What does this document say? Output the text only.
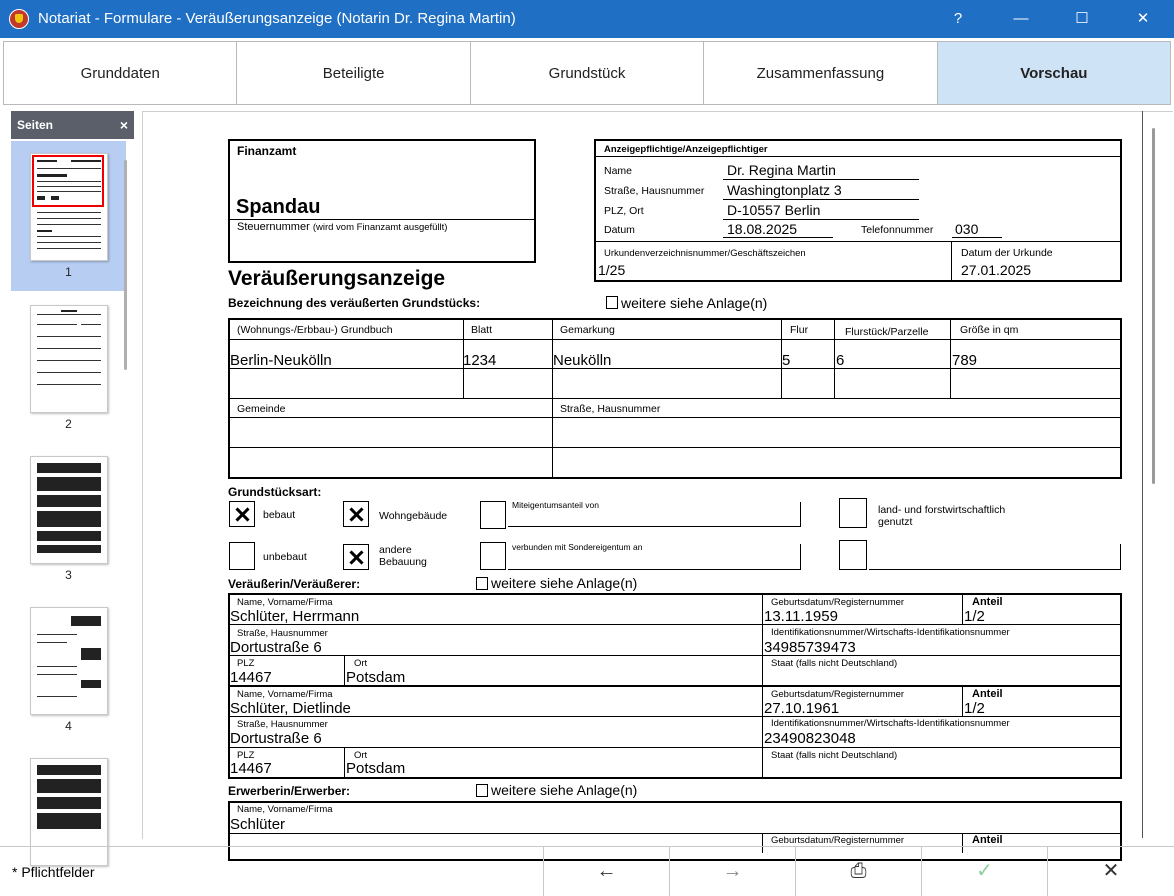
Notariat - Formulare - Veräußerungsanzeige (Notarin Dr. Regina Martin)	?	—	☐	✕
Grunddaten	Beteiligte	Grundstück	Zusammenfassung	Vorschau
Seiten	×
1
2
3
4
Finanzamt
Spandau
Steuernummer (wird vom Finanzamt ausgefüllt)
Anzeigepflichtige/Anzeigepflichtiger
Name	Dr. Regina Martin
Straße, Hausnummer Washingtonplatz 3
PLZ, Ort	D-10557 Berlin
Datum	18.08.2025	Telefonnummer 030
Urkundenverzeichnisnummer/Geschäftszeichen
1/25
Datum der Urkunde
27.01.2025
Veräußerungsanzeige
Bezeichnung des veräußerten Grundstücks:	weitere siehe Anlage(n)
(Wohnungs-/Erbbau-) Grundbuch	Blatt	Gemarkung	Flur	Flurstück/Parzelle	Größe in qm
Berlin-Neukölln	1234	Neukölln	5	6	789
Gemeinde	Straße, Hausnummer
Grundstücksart:
bebaut	Wohngebäude
Miteigentumsanteil von	land- und forstwirtschaftlich genutzt
unbebaut
andere Bebauung
verbunden mit Sondereigentum an
Veräußerin/Veräußerer:	weitere siehe Anlage(n)
Name, Vorname/Firma
Schlüter, Herrmann
Geburtsdatum/Registernummer
13.11.1959
Anteil
1/2
Straße, Hausnummer
Dortustraße 6
Identifikationsnummer/Wirtschafts-Identifikationsnummer
34985739473
PLZ
14467
Ort
Potsdam
Staat (falls nicht Deutschland)
Name, Vorname/Firma
Schlüter, Dietlinde
Geburtsdatum/Registernummer
27.10.1961
Anteil
1/2
Straße, Hausnummer
Dortustraße 6
Identifikationsnummer/Wirtschafts-Identifikationsnummer
23490823048
PLZ
14467
Ort
Potsdam
Staat (falls nicht Deutschland)
Erwerberin/Erwerber:	weitere siehe Anlage(n)
Name, Vorname/Firma
Schlüter
Geburtsdatum/Registernummer	Anteil
* Pflichtfelder	←	→	⎙	✓	✕
